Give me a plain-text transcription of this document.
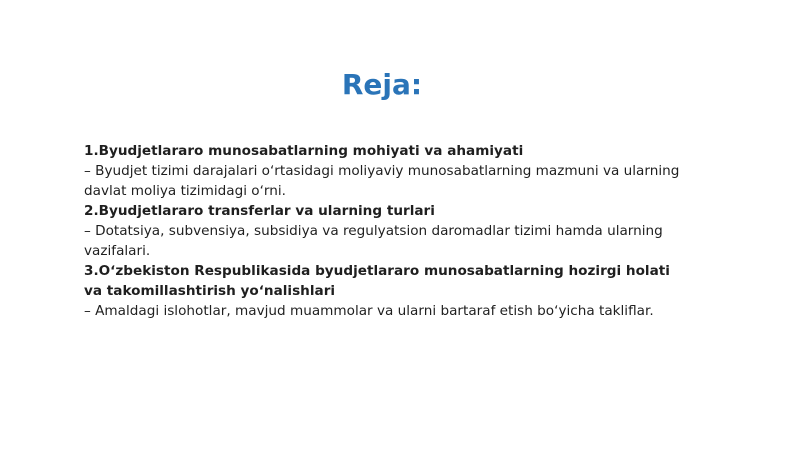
Reja:
1.Byudjetlararo munosabatlarning mohiyati va ahamiyati
– Byudjet tizimi darajalari oʻrtasidagi moliyaviy munosabatlarning mazmuni va ularning davlat moliya tizimidagi oʻrni.
2.Byudjetlararo transferlar va ularning turlari
– Dotatsiya, subvensiya, subsidiya va regulyatsion daromadlar tizimi hamda ularning vazifalari.
3.Oʻzbekiston Respublikasida byudjetlararo munosabatlarning hozirgi holati va takomillashtirish yoʻnalishlari
– Amaldagi islohotlar, mavjud muammolar va ularni bartaraf etish boʻyicha takliflar.
